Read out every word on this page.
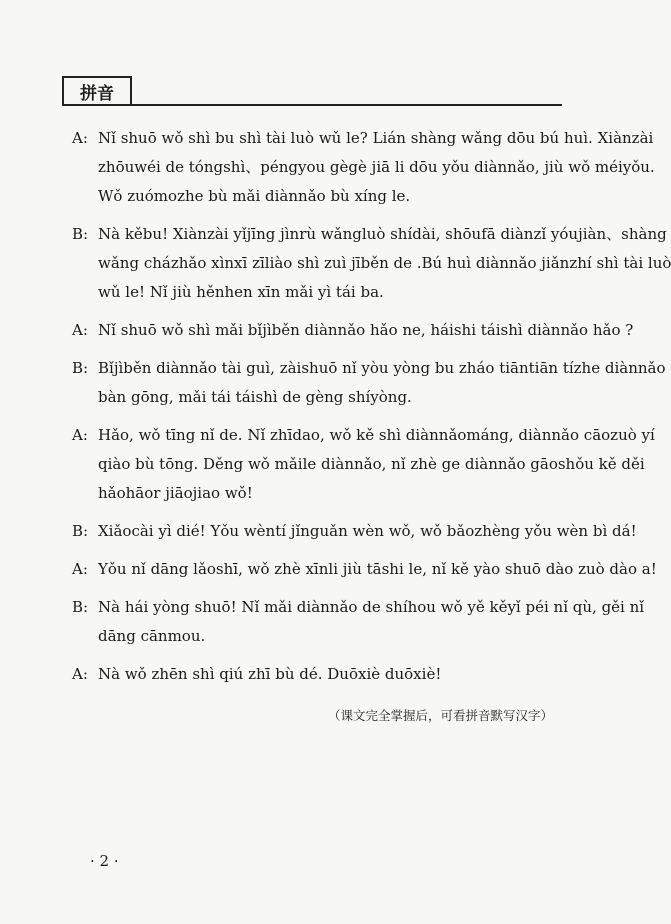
拼音
A: Nǐ shuō wǒ shì bu shì tài luò wǔ le? Lián shàng wǎng dōu bú huì. Xiànzài
zhōuwéi de tóngshì、péngyou gègè jiā li dōu yǒu diànnǎo, jiù wǒ méiyǒu.
Wǒ zuómozhe bù mǎi diànnǎo bù xíng le.
B: Nà kěbu! Xiànzài yǐjīng jìnrù wǎngluò shídài, shōufā diànzǐ yóujiàn、shàng
wǎng cházhǎo xìnxī zīliào shì zuì jīběn de .Bú huì diànnǎo jiǎnzhí shì tài luò
wǔ le! Nǐ jiù hěnhen xīn mǎi yì tái ba.
A: Nǐ shuō wǒ shì mǎi bǐjìběn diànnǎo hǎo ne, háishi táishì diànnǎo hǎo ?
B: Bǐjìběn diànnǎo tài guì, zàishuō nǐ yòu yòng bu zháo tiāntiān tízhe diànnǎo
bàn gōng, mǎi tái táishì de gèng shíyòng.
A: Hǎo, wǒ tīng nǐ de. Nǐ zhīdao, wǒ kě shì diànnǎománg, diànnǎo cāozuò yí
qiào bù tōng. Děng wǒ mǎile diànnǎo, nǐ zhè ge diànnǎo gāoshǒu kě děi
hǎohāor jiāojiao wǒ!
B: Xiǎocài yì dié! Yǒu wèntí jǐnguǎn wèn wǒ, wǒ bǎozhèng yǒu wèn bì dá!
A: Yǒu nǐ dāng lǎoshī, wǒ zhè xīnli jiù tāshi le, nǐ kě yào shuō dào zuò dào a!
B: Nà hái yòng shuō! Nǐ mǎi diànnǎo de shíhou wǒ yě kěyǐ péi nǐ qù, gěi nǐ
dāng cānmou.
A: Nà wǒ zhēn shì qiú zhī bù dé. Duōxiè duōxiè!
（课文完全掌握后，可看拼音默写汉字）
· 2 ·
